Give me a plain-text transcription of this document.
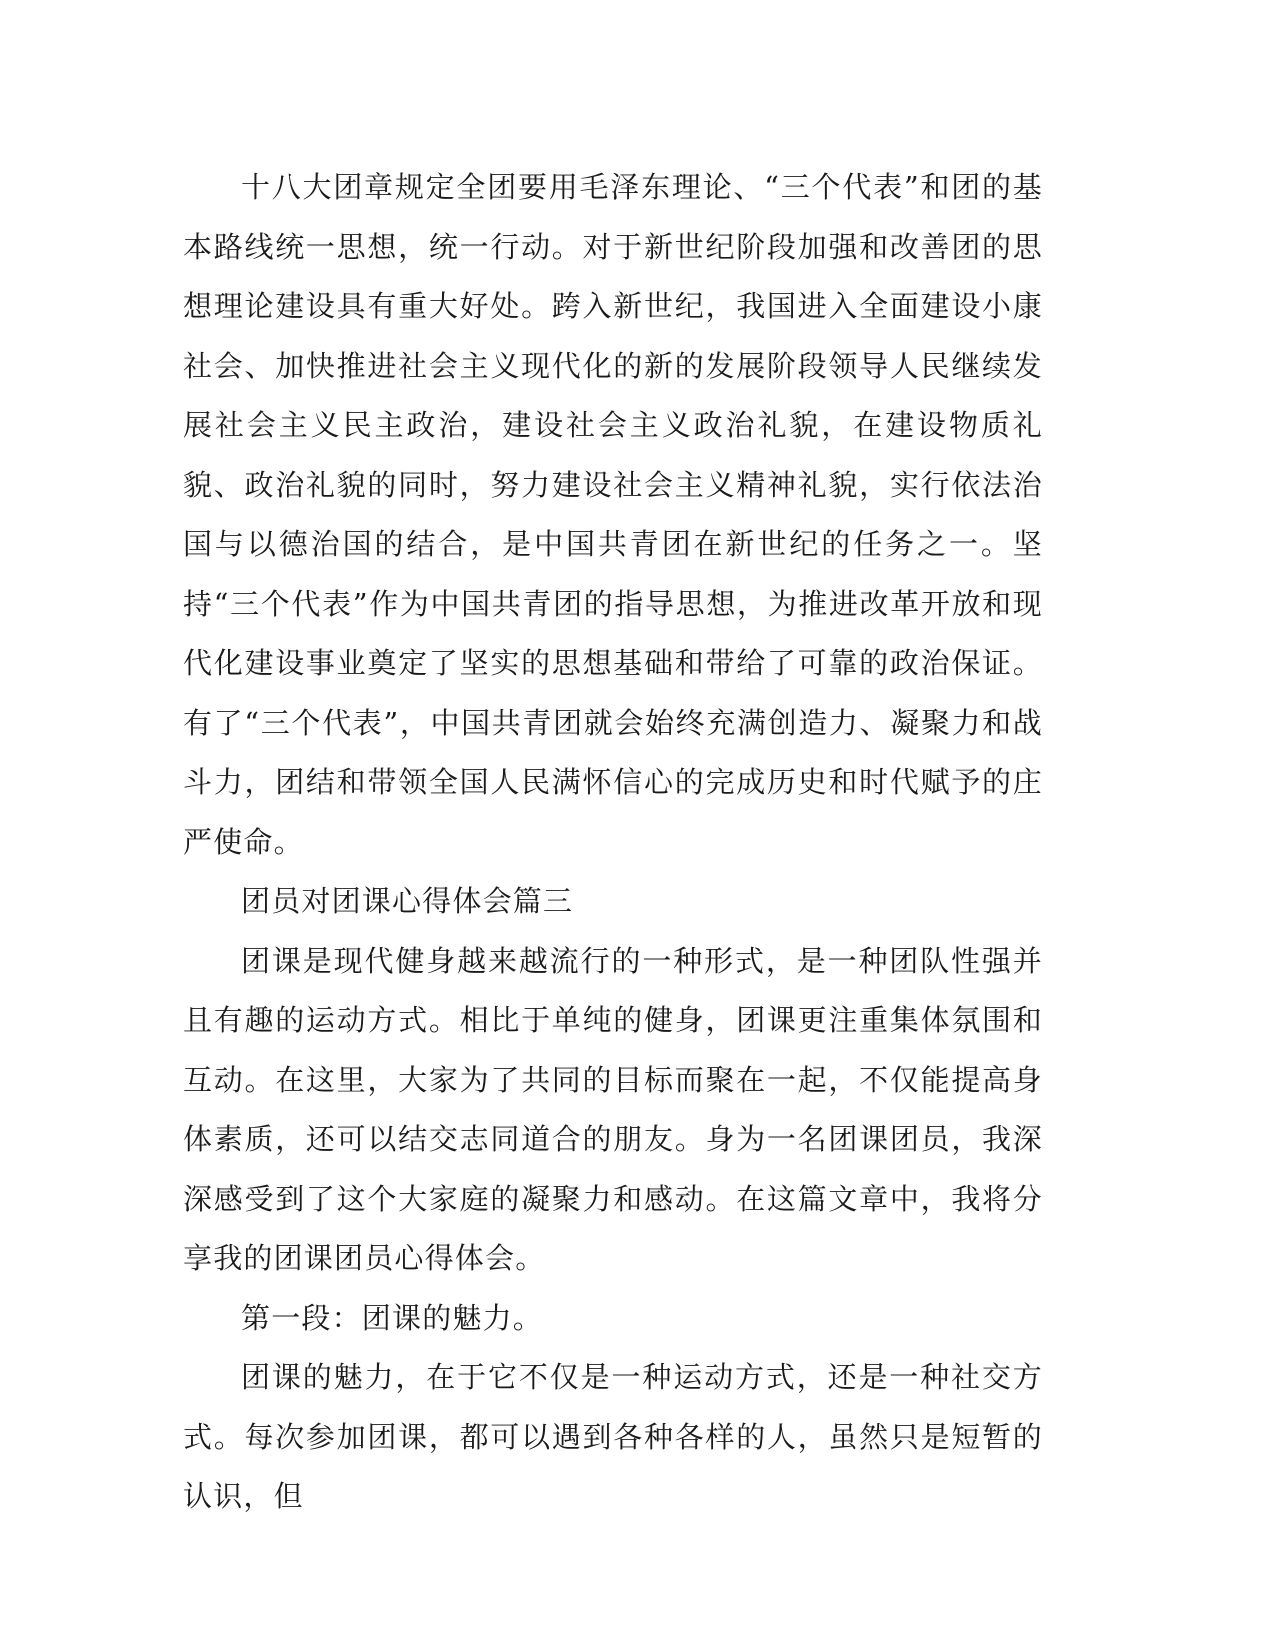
十八大团章规定全团要用毛泽东理论、“三个代表”和团的基本路线统一思想，统一行动。对于新世纪阶段加强和改善团的思想理论建设具有重大好处。跨入新世纪，我国进入全面建设小康社会、加快推进社会主义现代化的新的发展阶段领导人民继续发展社会主义民主政治，建设社会主义政治礼貌，在建设物质礼貌、政治礼貌的同时，努力建设社会主义精神礼貌，实行依法治国与以德治国的结合，是中国共青团在新世纪的任务之一。坚持“三个代表”作为中国共青团的指导思想，为推进改革开放和现代化建设事业奠定了坚实的思想基础和带给了可靠的政治保证。有了“三个代表”，中国共青团就会始终充满创造力、凝聚力和战斗力，团结和带领全国人民满怀信心的完成历史和时代赋予的庄严使命。

团员对团课心得体会篇三

团课是现代健身越来越流行的一种形式，是一种团队性强并且有趣的运动方式。相比于单纯的健身，团课更注重集体氛围和互动。在这里，大家为了共同的目标而聚在一起，不仅能提高身体素质，还可以结交志同道合的朋友。身为一名团课团员，我深深感受到了这个大家庭的凝聚力和感动。在这篇文章中，我将分享我的团课团员心得体会。

第一段：团课的魅力。

团课的魅力，在于它不仅是一种运动方式，还是一种社交方式。每次参加团课，都可以遇到各种各样的人，虽然只是短暂的认识，但
